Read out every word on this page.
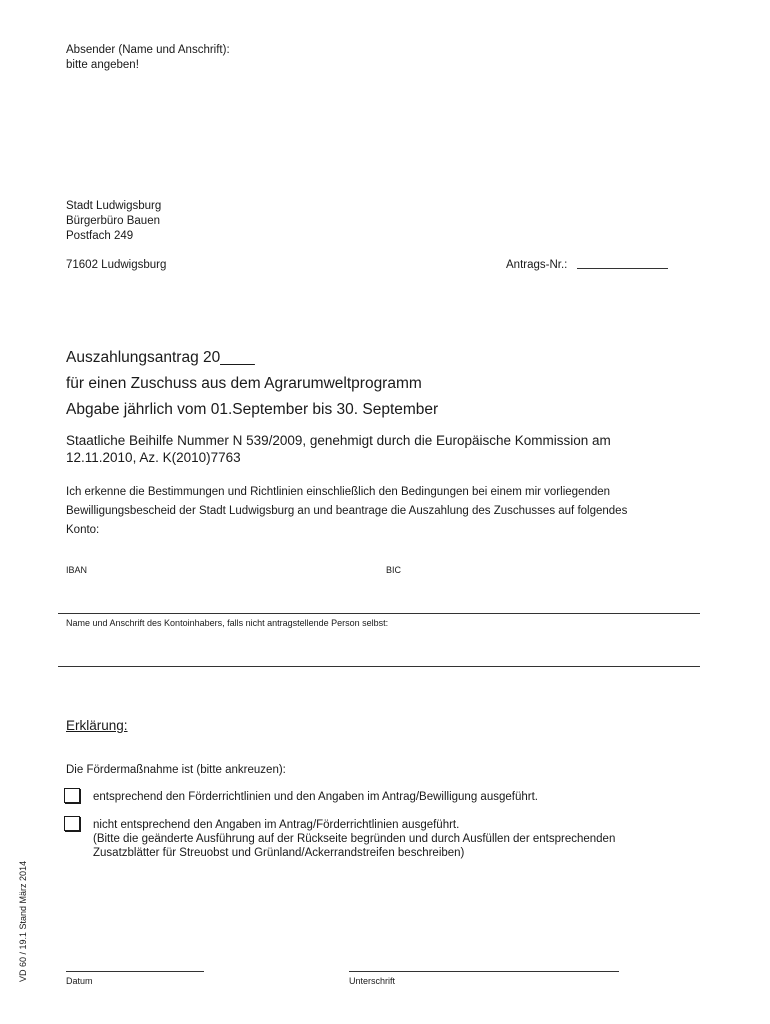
Absender (Name und Anschrift):
bitte angeben!
Stadt Ludwigsburg
Bürgerbüro Bauen
Postfach 249
71602 Ludwigsburg	Antrags-Nr.:
Auszahlungsantrag 20____
für einen Zuschuss aus dem Agrarumweltprogramm
Abgabe jährlich vom 01.September bis 30. September
Staatliche Beihilfe Nummer N 539/2009, genehmigt durch die Europäische Kommission am
12.11.2010, Az. K(2010)7763
Ich erkenne die Bestimmungen und Richtlinien einschließlich den Bedingungen bei einem mir vorliegenden
Bewilligungsbescheid der Stadt Ludwigsburg an und beantrage die Auszahlung des Zuschusses auf folgendes
Konto:
IBAN	BIC
Name und Anschrift des Kontoinhabers, falls nicht antragstellende Person selbst:
Erklärung:
Die Fördermaßnahme ist (bitte ankreuzen):
entsprechend den Förderrichtlinien und den Angaben im Antrag/Bewilligung ausgeführt.
nicht entsprechend den Angaben im Antrag/Förderrichtlinien ausgeführt.
(Bitte die geänderte Ausführung auf der Rückseite begründen und durch Ausfüllen der entsprechenden
Zusatzblätter für Streuobst und Grünland/Ackerrandstreifen beschreiben)
Datum	Unterschrift
VD 60 / 19.1 Stand März 2014
